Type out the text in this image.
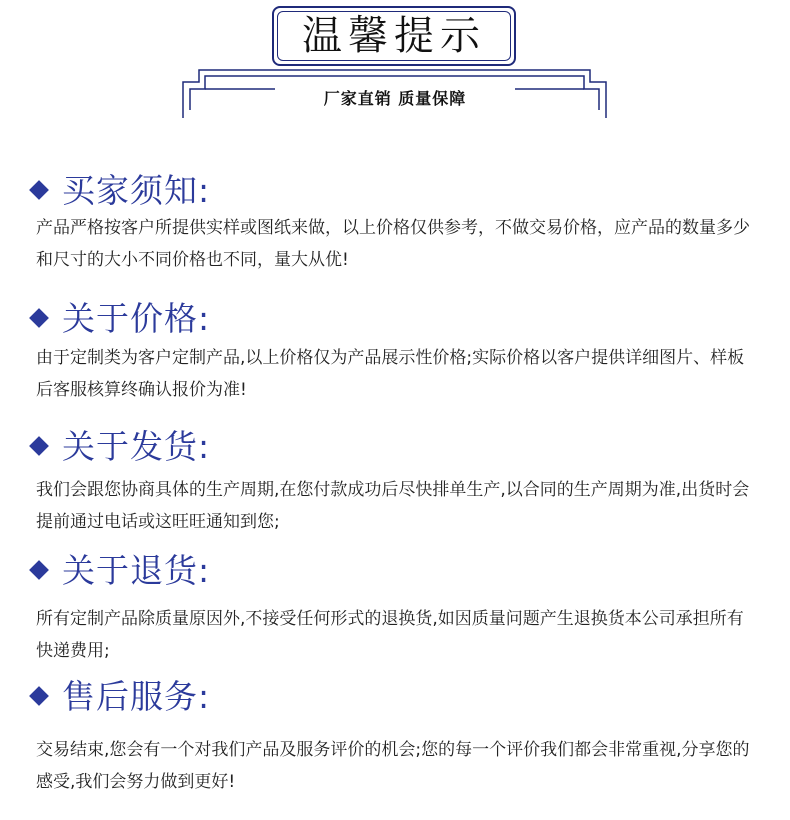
温馨提示
厂家直销 质量保障
买家须知:
产品严格按客户所提供实样或图纸来做，以上价格仅供参考，不做交易价格，应产品的数量多少和尺寸的大小不同价格也不同，量大从优!
关于价格:
由于定制类为客户定制产品,以上价格仅为产品展示性价格;实际价格以客户提供详细图片、样板后客服核算终确认报价为准!
关于发货:
我们会跟您协商具体的生产周期,在您付款成功后尽快排单生产,以合同的生产周期为准,出货时会提前通过电话或这旺旺通知到您;
关于退货:
所有定制产品除质量原因外,不接受任何形式的退换货,如因质量问题产生退换货本公司承担所有快递费用;
售后服务:
交易结束,您会有一个对我们产品及服务评价的机会;您的每一个评价我们都会非常重视,分享您的感受,我们会努力做到更好!
